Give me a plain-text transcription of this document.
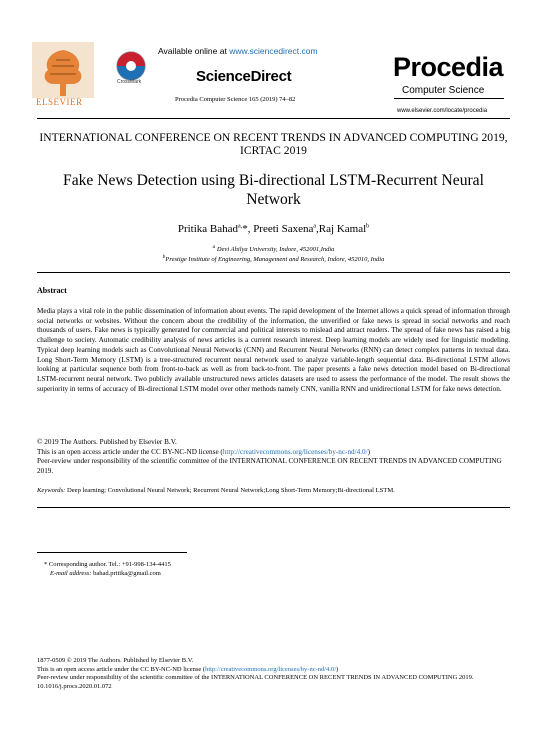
ELSEVIER
CrossMark
Available online at www.sciencedirect.com
ScienceDirect
Procedia Computer Science 165 (2019) 74–82
Procedia
Computer Science
www.elsevier.com/locate/procedia
INTERNATIONAL CONFERENCE ON RECENT TRENDS IN ADVANCED COMPUTING 2019, ICRTAC 2019
Fake News Detection using Bi-directional LSTM-Recurrent Neural Network
Pritika Bahad$^{a,}$*, Preeti Saxena$^a$,Raj Kamal$^b$
$^a$ Devi Ahilya University, Indore, 452001,India
$^b$Prestige Institute of Engineering, Management and Research, Indore, 452010, India
Abstract
Media plays a vital role in the public dissemination of information about events. The rapid development of the Internet allows a quick spread of information through social networks or websites. Without the concern about the credibility of the information, the unverified or fake news is spread in social networks and reach thousands of users. Fake news is typically generated for commercial and political interests to mislead and attract readers. The spread of fake news has raised a big challenge to society. Automatic credibility analysis of news articles is a current research interest. Deep learning models are widely used for linguistic modeling. Typical deep learning models such as Convolutional Neural Networks (CNN) and Recurrent Neural Networks (RNN) can detect complex patterns in textual data. Long Short-Term Memory (LSTM) is a tree-structured recurrent neural network used to analyze variable-length sequential data. Bi-directional LSTM allows looking at particular sequence both from front-to-back as well as from back-to-front. The paper presents a fake news detection model based on Bi-directional LSTM-recurrent neural network. Two publicly available unstructured news articles datasets are used to assess the performance of the model. The result shows the superiority in terms of accuracy of Bi-directional LSTM model over other methods namely CNN, vanilla RNN and unidirectional LSTM for fake news detection.
© 2019 The Authors. Published by Elsevier B.V.
This is an open access article under the CC BY-NC-ND license (http://creativecommons.org/licenses/by-nc-nd/4.0/)
Peer-review under responsibility of the scientific committee of the INTERNATIONAL CONFERENCE ON RECENT TRENDS IN ADVANCED COMPUTING 2019.
Keywords: Deep learning; Convolutional Neural Network; Recurrent Neural Network;Long Short-Term Memory;Bi-directional LSTM.
* Corresponding author. Tel.: +91-998-134-4415
E-mail address: bahad.pritika@gmail.com
1877-0509 © 2019 The Authors. Published by Elsevier B.V.
This is an open access article under the CC BY-NC-ND license (http://creativecommons.org/licenses/by-nc-nd/4.0/)
Peer-review under responsibility of the scientific committee of the INTERNATIONAL CONFERENCE ON RECENT TRENDS IN ADVANCED COMPUTING 2019.
10.1016/j.procs.2020.01.072
